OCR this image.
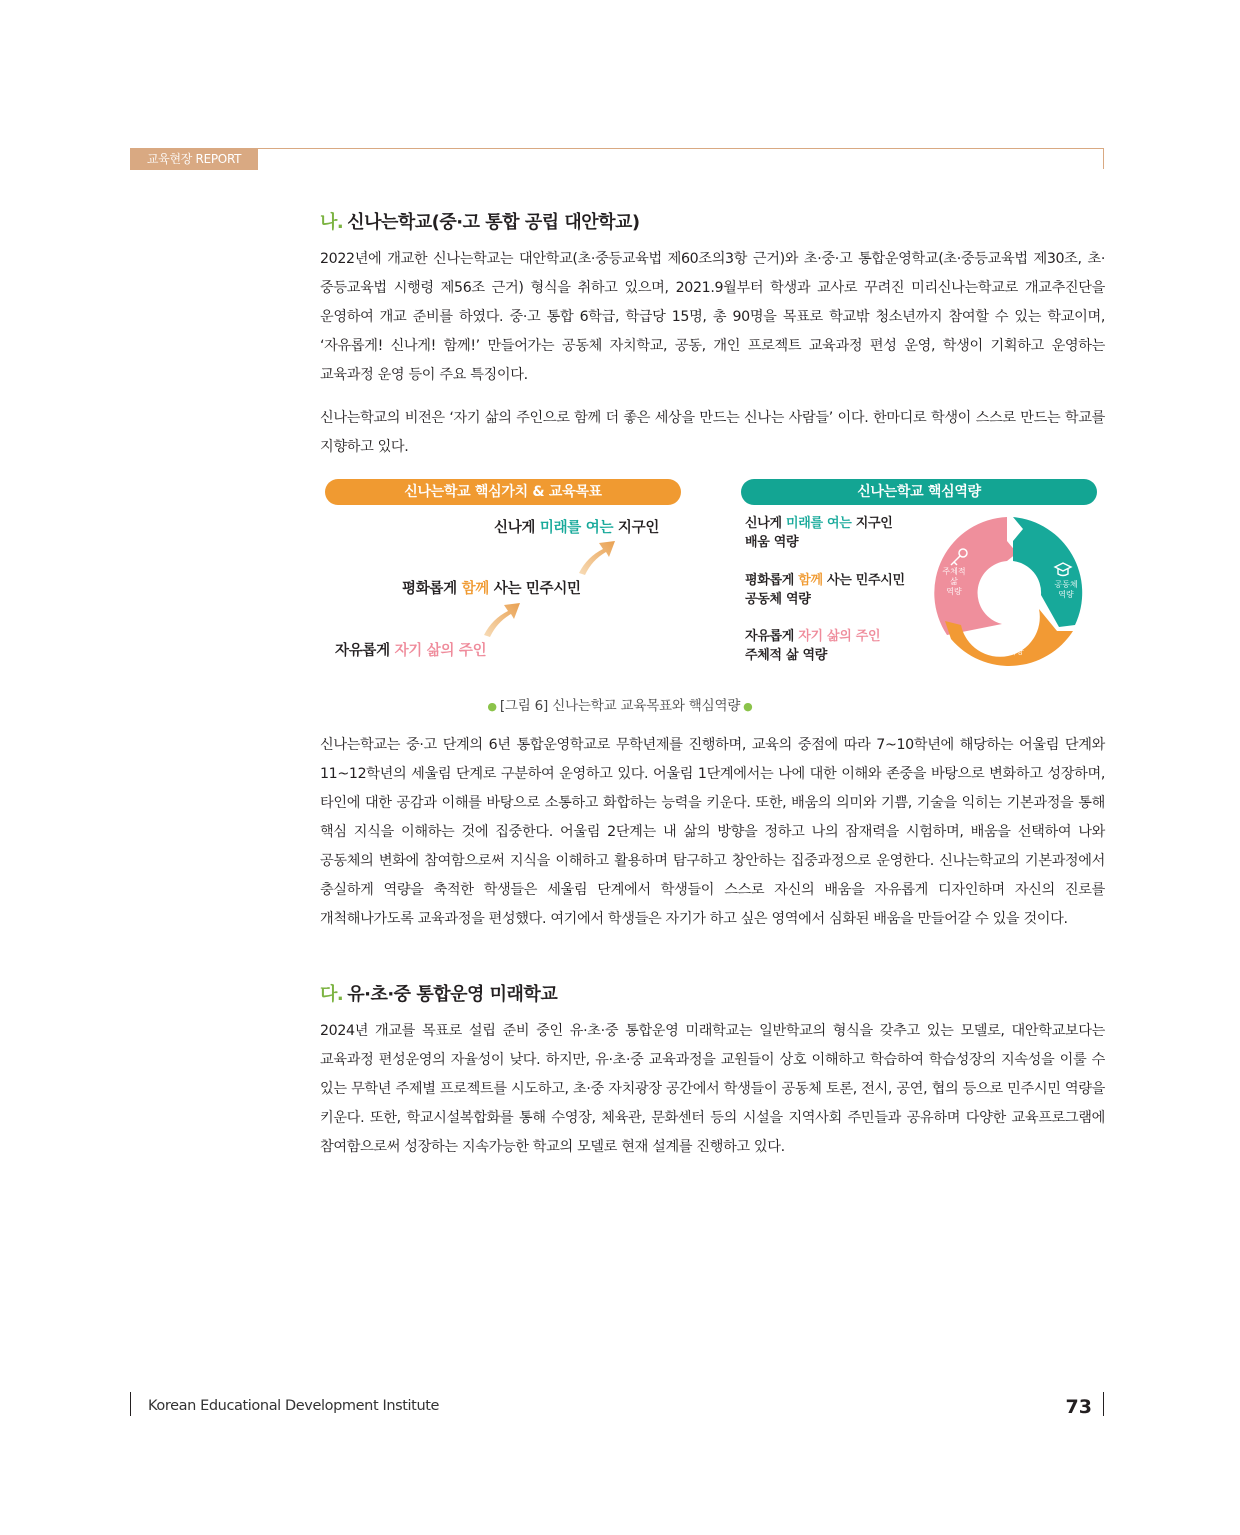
교육현장 REPORT
나. 신나는학교(중·고 통합 공립 대안학교)
2022년에 개교한 신나는학교는 대안학교(초·중등교육법 제60조의3항 근거)와 초·중·고 통합운영학교(초·중등교육법 제30조, 초·중등교육법 시행령 제56조 근거) 형식을 취하고 있으며, 2021.9월부터 학생과 교사로 꾸려진 미리신나는학교로 개교추진단을 운영하여 개교 준비를 하였다. 중·고 통합 6학급, 학급당 15명, 총 90명을 목표로 학교밖 청소년까지 참여할 수 있는 학교이며, ‘자유롭게! 신나게! 함께!’ 만들어가는 공동체 자치학교, 공동, 개인 프로젝트 교육과정 편성 운영, 학생이 기획하고 운영하는 교육과정 운영 등이 주요 특징이다.
신나는학교의 비전은 ‘자기 삶의 주인으로 함께 더 좋은 세상을 만드는 신나는 사람들’ 이다. 한마디로 학생이 스스로 만드는 학교를 지향하고 있다.
신나는학교 핵심가치 & 교육목표	신나는학교 핵심역량
자유롭게 자기 삶의 주인
평화롭게 함께 사는 민주시민
신나게 미래를 여는 지구인	신나게 미래를 여는 지구인
배움 역량
평화롭게 함께 사는 민주시민
공동체 역량
자유롭게 자기 삶의 주인
주체적 삶 역량
주체적
삶
역량
공동체
역량
배움
역량
● [그림 6] 신나는학교 교육목표와 핵심역량 ●
신나는학교는 중·고 단계의 6년 통합운영학교로 무학년제를 진행하며, 교육의 중점에 따라 7~10학년에 해당하는 어울림 단계와 11~12학년의 세울림 단계로 구분하여 운영하고 있다. 어울림 1단계에서는 나에 대한 이해와 존중을 바탕으로 변화하고 성장하며, 타인에 대한 공감과 이해를 바탕으로 소통하고 화합하는 능력을 키운다. 또한, 배움의 의미와 기쁨, 기술을 익히는 기본과정을 통해 핵심 지식을 이해하는 것에 집중한다. 어울림 2단계는 내 삶의 방향을 정하고 나의 잠재력을 시험하며, 배움을 선택하여 나와 공동체의 변화에 참여함으로써 지식을 이해하고 활용하며 탐구하고 창안하는 집중과정으로 운영한다. 신나는학교의 기본과정에서 충실하게 역량을 축적한 학생들은 세울림 단계에서 학생들이 스스로 자신의 배움을 자유롭게 디자인하며 자신의 진로를 개척해나가도록 교육과정을 편성했다. 여기에서 학생들은 자기가 하고 싶은 영역에서 심화된 배움을 만들어갈 수 있을 것이다.
다. 유·초·중 통합운영 미래학교
2024년 개교를 목표로 설립 준비 중인 유·초·중 통합운영 미래학교는 일반학교의 형식을 갖추고 있는 모델로, 대안학교보다는 교육과정 편성운영의 자율성이 낮다. 하지만, 유·초·중 교육과정을 교원들이 상호 이해하고 학습하여 학습성장의 지속성을 이룰 수 있는 무학년 주제별 프로젝트를 시도하고, 초·중 자치광장 공간에서 학생들이 공동체 토론, 전시, 공연, 협의 등으로 민주시민 역량을 키운다. 또한, 학교시설복합화를 통해 수영장, 체육관, 문화센터 등의 시설을 지역사회 주민들과 공유하며 다양한 교육프로그램에 참여함으로써 성장하는 지속가능한 학교의 모델로 현재 설계를 진행하고 있다.
Korean Educational Development Institute	73
